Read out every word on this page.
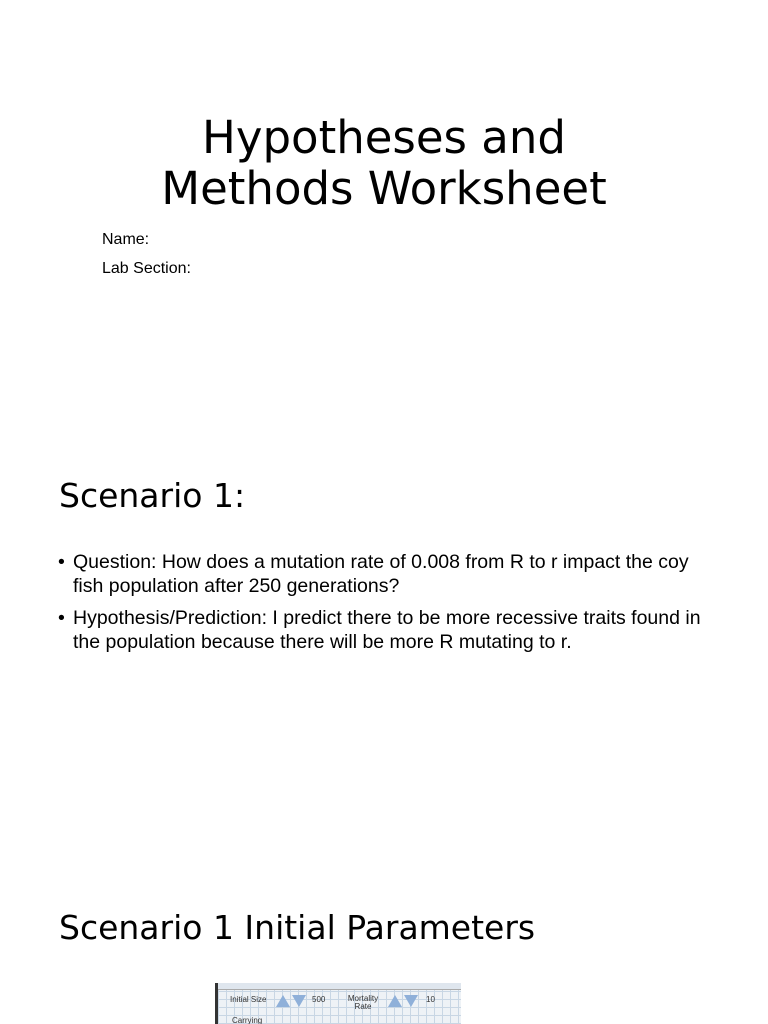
Hypotheses and
Methods Worksheet
Name:
Lab Section:
Scenario 1:
• Question: How does a mutation rate of 0.008 from R to r impact the coy fish population after 250 generations?
• Hypothesis/Prediction: I predict there to be more recessive traits found in the population because there will be more R mutating to r.
Scenario 1 Initial Parameters
Initial Size	500	Mortality Rate
10
Carrying
